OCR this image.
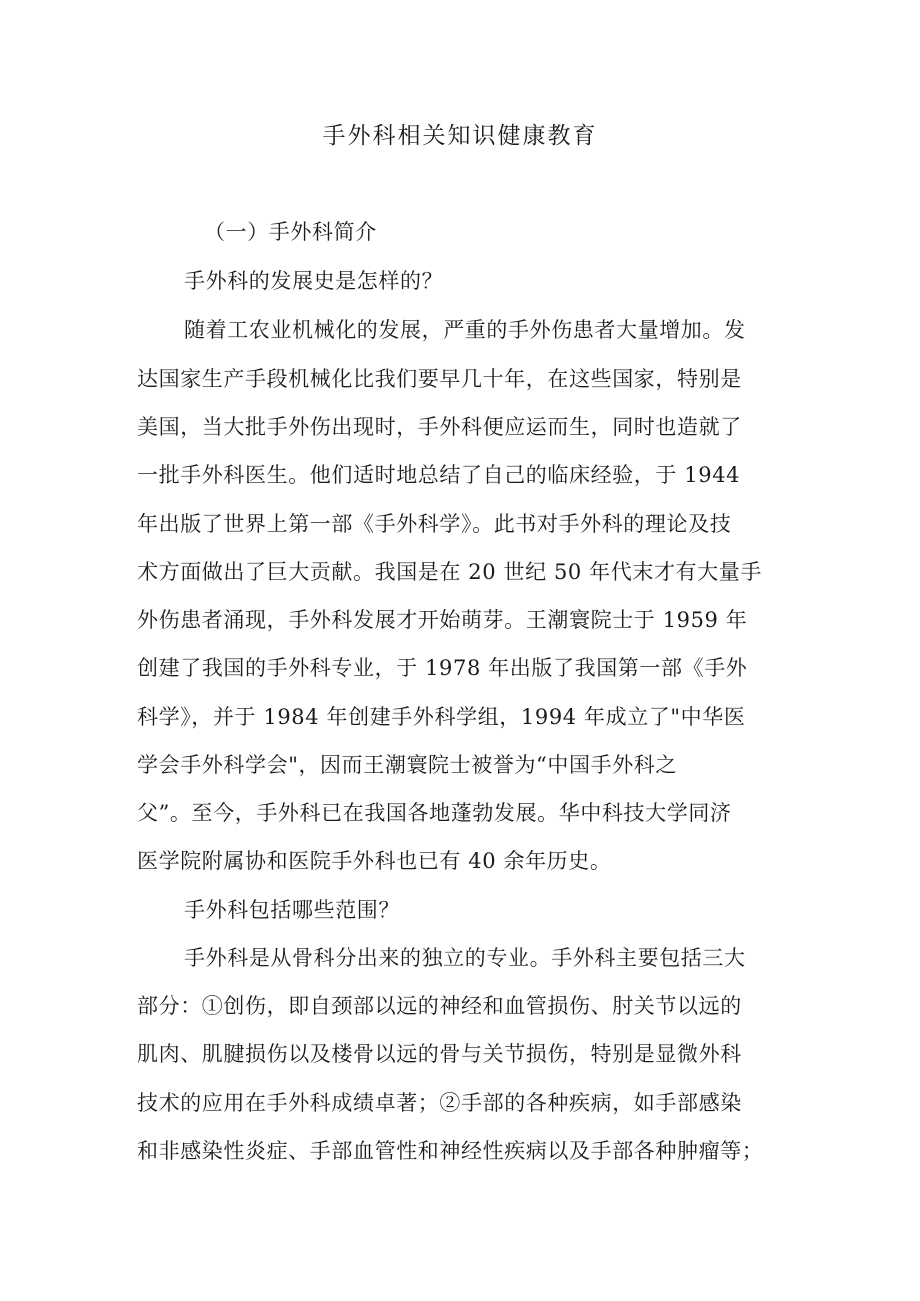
手外科相关知识健康教育
（一）手外科简介
手外科的发展史是怎样的？
随着工农业机械化的发展，严重的手外伤患者大量增加。发
达国家生产手段机械化比我们要早几十年，在这些国家，特别是
美国，当大批手外伤出现时，手外科便应运而生，同时也造就了
一批手外科医生。他们适时地总结了自己的临床经验，于 1944
年出版了世界上第一部《手外科学》。此书对手外科的理论及技
术方面做出了巨大贡献。我国是在 20 世纪 50 年代末才有大量手
外伤患者涌现，手外科发展才开始萌芽。王潮寰院士于 1959 年
创建了我国的手外科专业，于 1978 年出版了我国第一部《手外
科学》，并于 1984 年创建手外科学组，1994 年成立了"中华医
学会手外科学会"，因而王潮寰院士被誉为“中国手外科之
父”。至今，手外科已在我国各地蓬勃发展。华中科技大学同济
医学院附属协和医院手外科也已有 40 余年历史。
手外科包括哪些范围？
手外科是从骨科分出来的独立的专业。手外科主要包括三大
部分：①创伤，即自颈部以远的神经和血管损伤、肘关节以远的
肌肉、肌腱损伤以及楼骨以远的骨与关节损伤，特别是显微外科
技术的应用在手外科成绩卓著；②手部的各种疾病，如手部感染
和非感染性炎症、手部血管性和神经性疾病以及手部各种肿瘤等；
